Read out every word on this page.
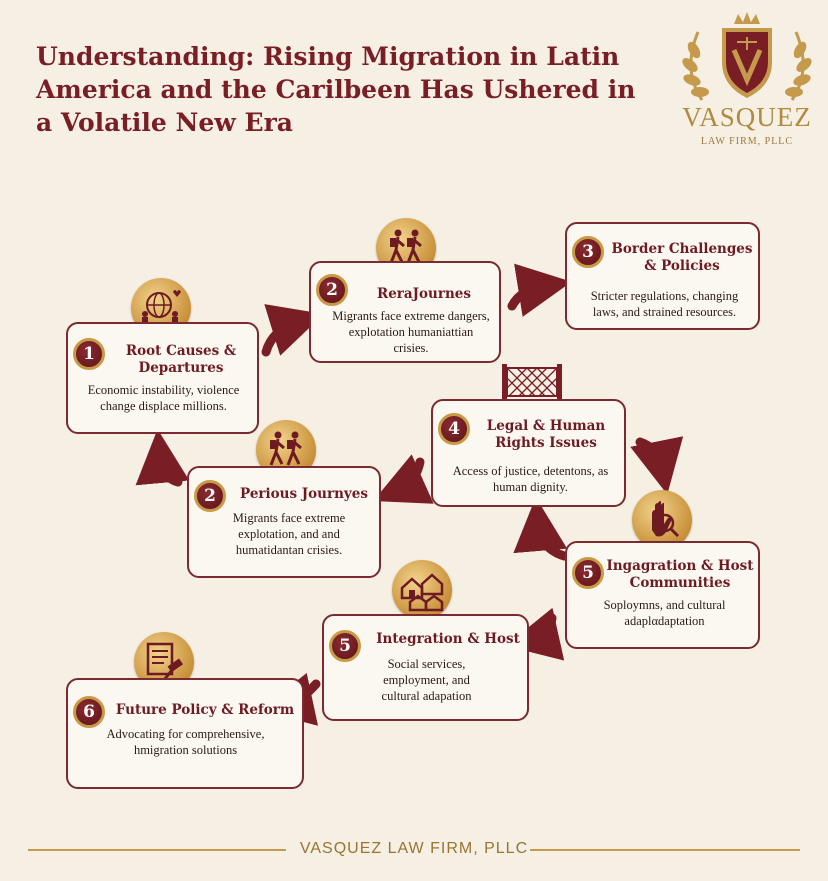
Understanding: Rising Migration in Latin America and the Carilbeen Has Ushered in a Volatile New Era	VASQUEZ
LAW FIRM, PLLC
1	Root Causes & Departures
Economic instability, violence change displace millions.
2	RerаJournes
Migrants face extreme dangers, explotation humaniattian crisies.
3	Border Challenges & Policies
Stricter regulations, changing laws, and strained resources.
4	Legal & Human Rights Issues
Access of justice, detentons, as human dignity.
2	Perious Journyes
Migrants face extreme explotation, and and humatidantan crisies.
5 Ingagration & Host Communities
Soploymns, and cultural adaplαdaptation
5	Integration & Host
Social services, employment, and cultural adapation
6	Future Policy & Reform
Advocating for comprehensive, hmigration solutions
VASQUEZ LAW FIRM, PLLC
